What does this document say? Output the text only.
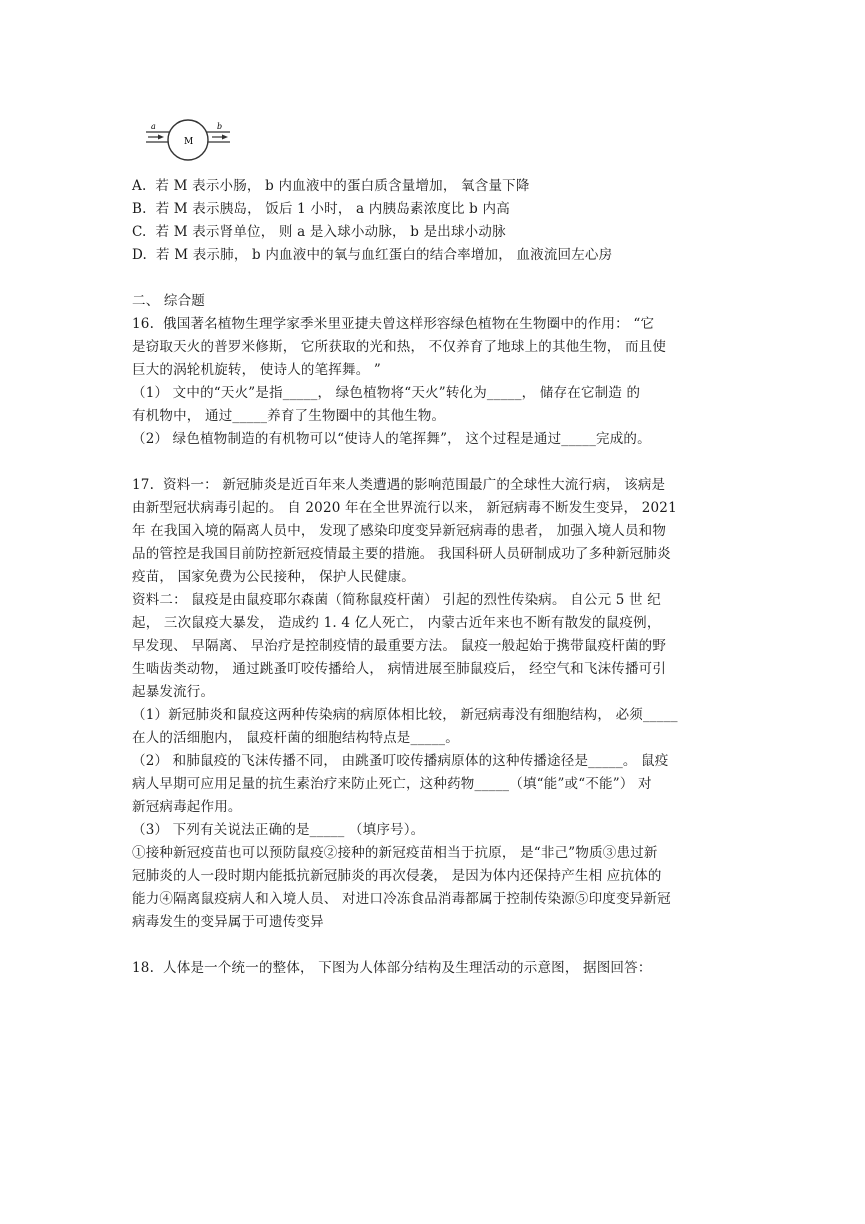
a	b
M
A.  若 M 表示小肠， b 内血液中的蛋白质含量增加， 氧含量下降
B.  若 M 表示胰岛， 饭后 1 小时， a 内胰岛素浓度比 b 内高
C.  若 M 表示肾单位， 则 a 是入球小动脉， b 是出球小动脉
D.  若 M 表示肺， b 内血液中的氧与血红蛋白的结合率增加， 血液流回左心房
二、 综合题
16.  俄国著名植物生理学家季米里亚捷夫曾这样形容绿色植物在生物圈中的作用： “它
是窃取天火的普罗米修斯， 它所获取的光和热， 不仅养育了地球上的其他生物， 而且使
巨大的涡轮机旋转， 使诗人的笔挥舞。 ”
（1） 文中的“天火”是指_____， 绿色植物将“天火”转化为_____， 储存在它制造 的
有机物中， 通过_____养育了生物圈中的其他生物。
（2） 绿色植物制造的有机物可以“使诗人的笔挥舞”， 这个过程是通过_____完成的。
17.  资料一： 新冠肺炎是近百年来人类遭遇的影响范围最广的全球性大流行病， 该病是
由新型冠状病毒引起的。 自 2020 年在全世界流行以来， 新冠病毒不断发生变异， 2021
年 在我国入境的隔离人员中， 发现了感染印度变异新冠病毒的患者， 加强入境人员和物
品的管控是我国目前防控新冠疫情最主要的措施。 我国科研人员研制成功了多种新冠肺炎
疫苗， 国家免费为公民接种， 保护人民健康。
资料二： 鼠疫是由鼠疫耶尔森菌（简称鼠疫杆菌） 引起的烈性传染病。 自公元 5 世 纪
起， 三次鼠疫大暴发， 造成约 1. 4 亿人死亡， 内蒙古近年来也不断有散发的鼠疫例，
早发现、 早隔离、 早治疗是控制疫情的最重要方法。 鼠疫一般起始于携带鼠疫杆菌的野
生啮齿类动物， 通过跳蚤叮咬传播给人， 病情进展至肺鼠疫后， 经空气和飞沫传播可引
起暴发流行。
（1）新冠肺炎和鼠疫这两种传染病的病原体相比较， 新冠病毒没有细胞结构， 必须_____
在人的活细胞内， 鼠疫杆菌的细胞结构特点是_____。
（2） 和肺鼠疫的飞沫传播不同， 由跳蚤叮咬传播病原体的这种传播途径是_____。 鼠疫
病人早期可应用足量的抗生素治疗来防止死亡，这种药物_____（填“能”或“不能”） 对
新冠病毒起作用。
（3） 下列有关说法正确的是_____ （填序号）。
①接种新冠疫苗也可以预防鼠疫②接种的新冠疫苗相当于抗原， 是“非己”物质③患过新
冠肺炎的人一段时期内能抵抗新冠肺炎的再次侵袭， 是因为体内还保持产生相 应抗体的
能力④隔离鼠疫病人和入境人员、 对进口冷冻食品消毒都属于控制传染源⑤印度变异新冠
病毒发生的变异属于可遗传变异
18.  人体是一个统一的整体， 下图为人体部分结构及生理活动的示意图， 据图回答：
